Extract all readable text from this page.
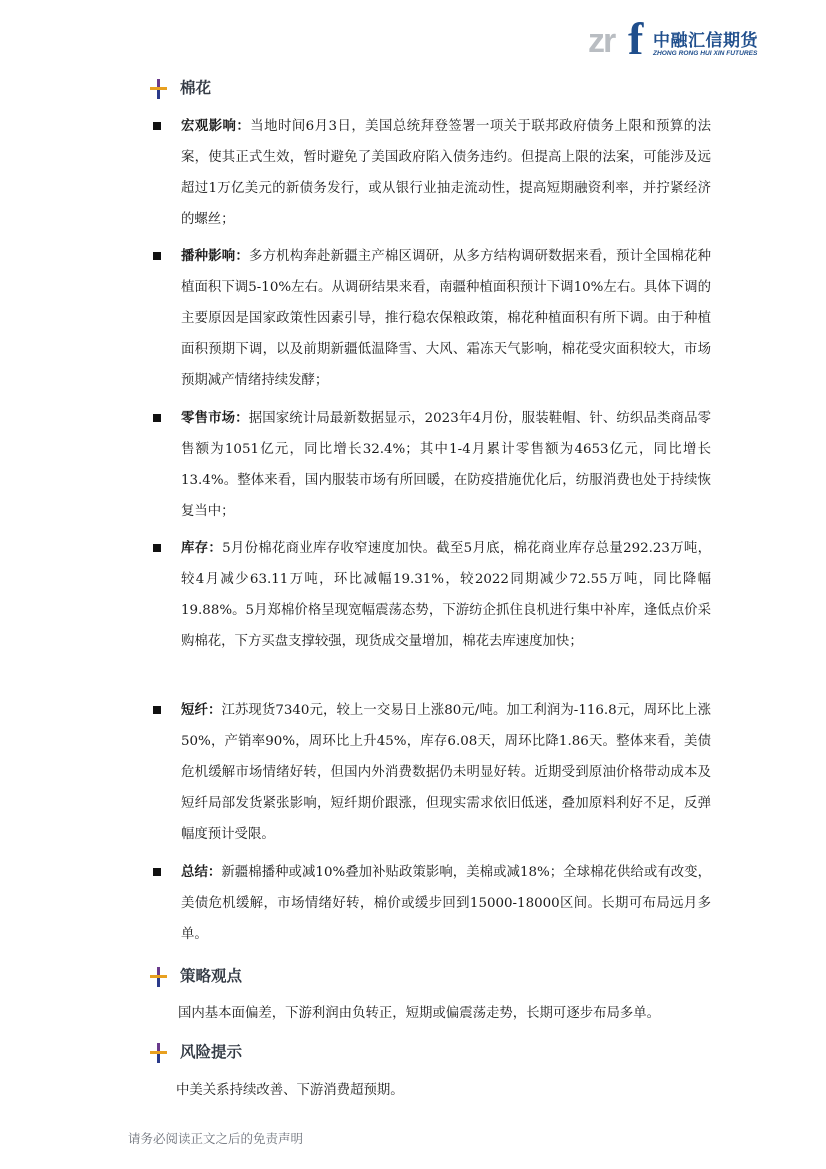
zr f 中融汇信期货
ZHONG RONG HUI XIN FUTURES
棉花
宏观影响：当地时间6月3日，美国总统拜登签署一项关于联邦政府债务上限和预算的法案，使其正式生效，暂时避免了美国政府陷入债务违约。但提高上限的法案，可能涉及远超过1万亿美元的新债务发行，或从银行业抽走流动性，提高短期融资利率，并拧紧经济的螺丝；
播种影响：多方机构奔赴新疆主产棉区调研，从多方结构调研数据来看，预计全国棉花种植面积下调5-10%左右。从调研结果来看，南疆种植面积预计下调10%左右。具体下调的主要原因是国家政策性因素引导，推行稳农保粮政策，棉花种植面积有所下调。由于种植面积预期下调，以及前期新疆低温降雪、大风、霜冻天气影响，棉花受灾面积较大，市场预期减产情绪持续发酵；
零售市场：据国家统计局最新数据显示，2023年4月份，服装鞋帽、针、纺织品类商品零售额为1051亿元，同比增长32.4%；其中1-4月累计零售额为4653亿元，同比增长13.4%。整体来看，国内服装市场有所回暖，在防疫措施优化后，纺服消费也处于持续恢复当中；
库存：5月份棉花商业库存收窄速度加快。截至5月底，棉花商业库存总量292.23万吨，较4月减少63.11万吨，环比减幅19.31%，较2022同期减少72.55万吨，同比降幅19.88%。5月郑棉价格呈现宽幅震荡态势，下游纺企抓住良机进行集中补库，逢低点价采购棉花，下方买盘支撑较强，现货成交量增加，棉花去库速度加快；
短纤：江苏现货7340元，较上一交易日上涨80元/吨。加工利润为-116.8元，周环比上涨50%，产销率90%，周环比上升45%，库存6.08天，周环比降1.86天。整体来看，美债危机缓解市场情绪好转，但国内外消费数据仍未明显好转。近期受到原油价格带动成本及短纤局部发货紧张影响，短纤期价跟涨，但现实需求依旧低迷，叠加原料利好不足，反弹幅度预计受限。
总结：新疆棉播种或减10%叠加补贴政策影响，美棉或减18%；全球棉花供给或有改变，美债危机缓解，市场情绪好转，棉价或缓步回到15000-18000区间。长期可布局远月多单。
策略观点
国内基本面偏差，下游利润由负转正，短期或偏震荡走势，长期可逐步布局多单。
风险提示
中美关系持续改善、下游消费超预期。
请务必阅读正文之后的免责声明
